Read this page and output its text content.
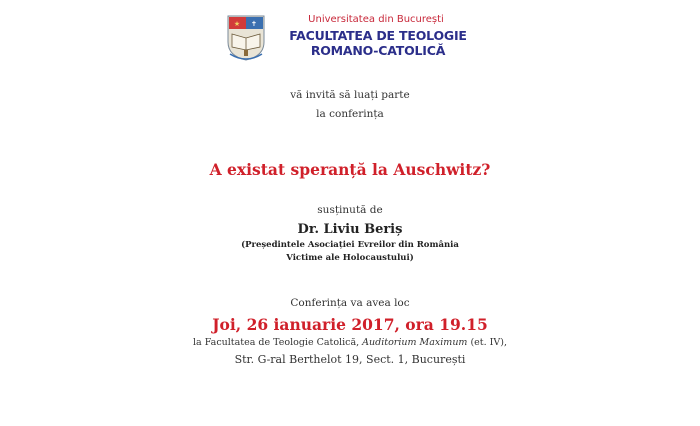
★ ✝	Universitatea din București
FACULTATEA DE TEOLOGIE
ROMANO-CATOLICĂ
vă invită să luați parte
la conferința
A existat speranță la Auschwitz?
susținută de
Dr. Liviu Beriș
(Președintele Asociației Evreilor din România
Victime ale Holocaustului)
Conferința va avea loc
Joi, 26 ianuarie 2017, ora 19.15
la Facultatea de Teologie Catolică, Auditorium Maximum (et. IV),
Str. G-ral Berthelot 19, Sect. 1, București
